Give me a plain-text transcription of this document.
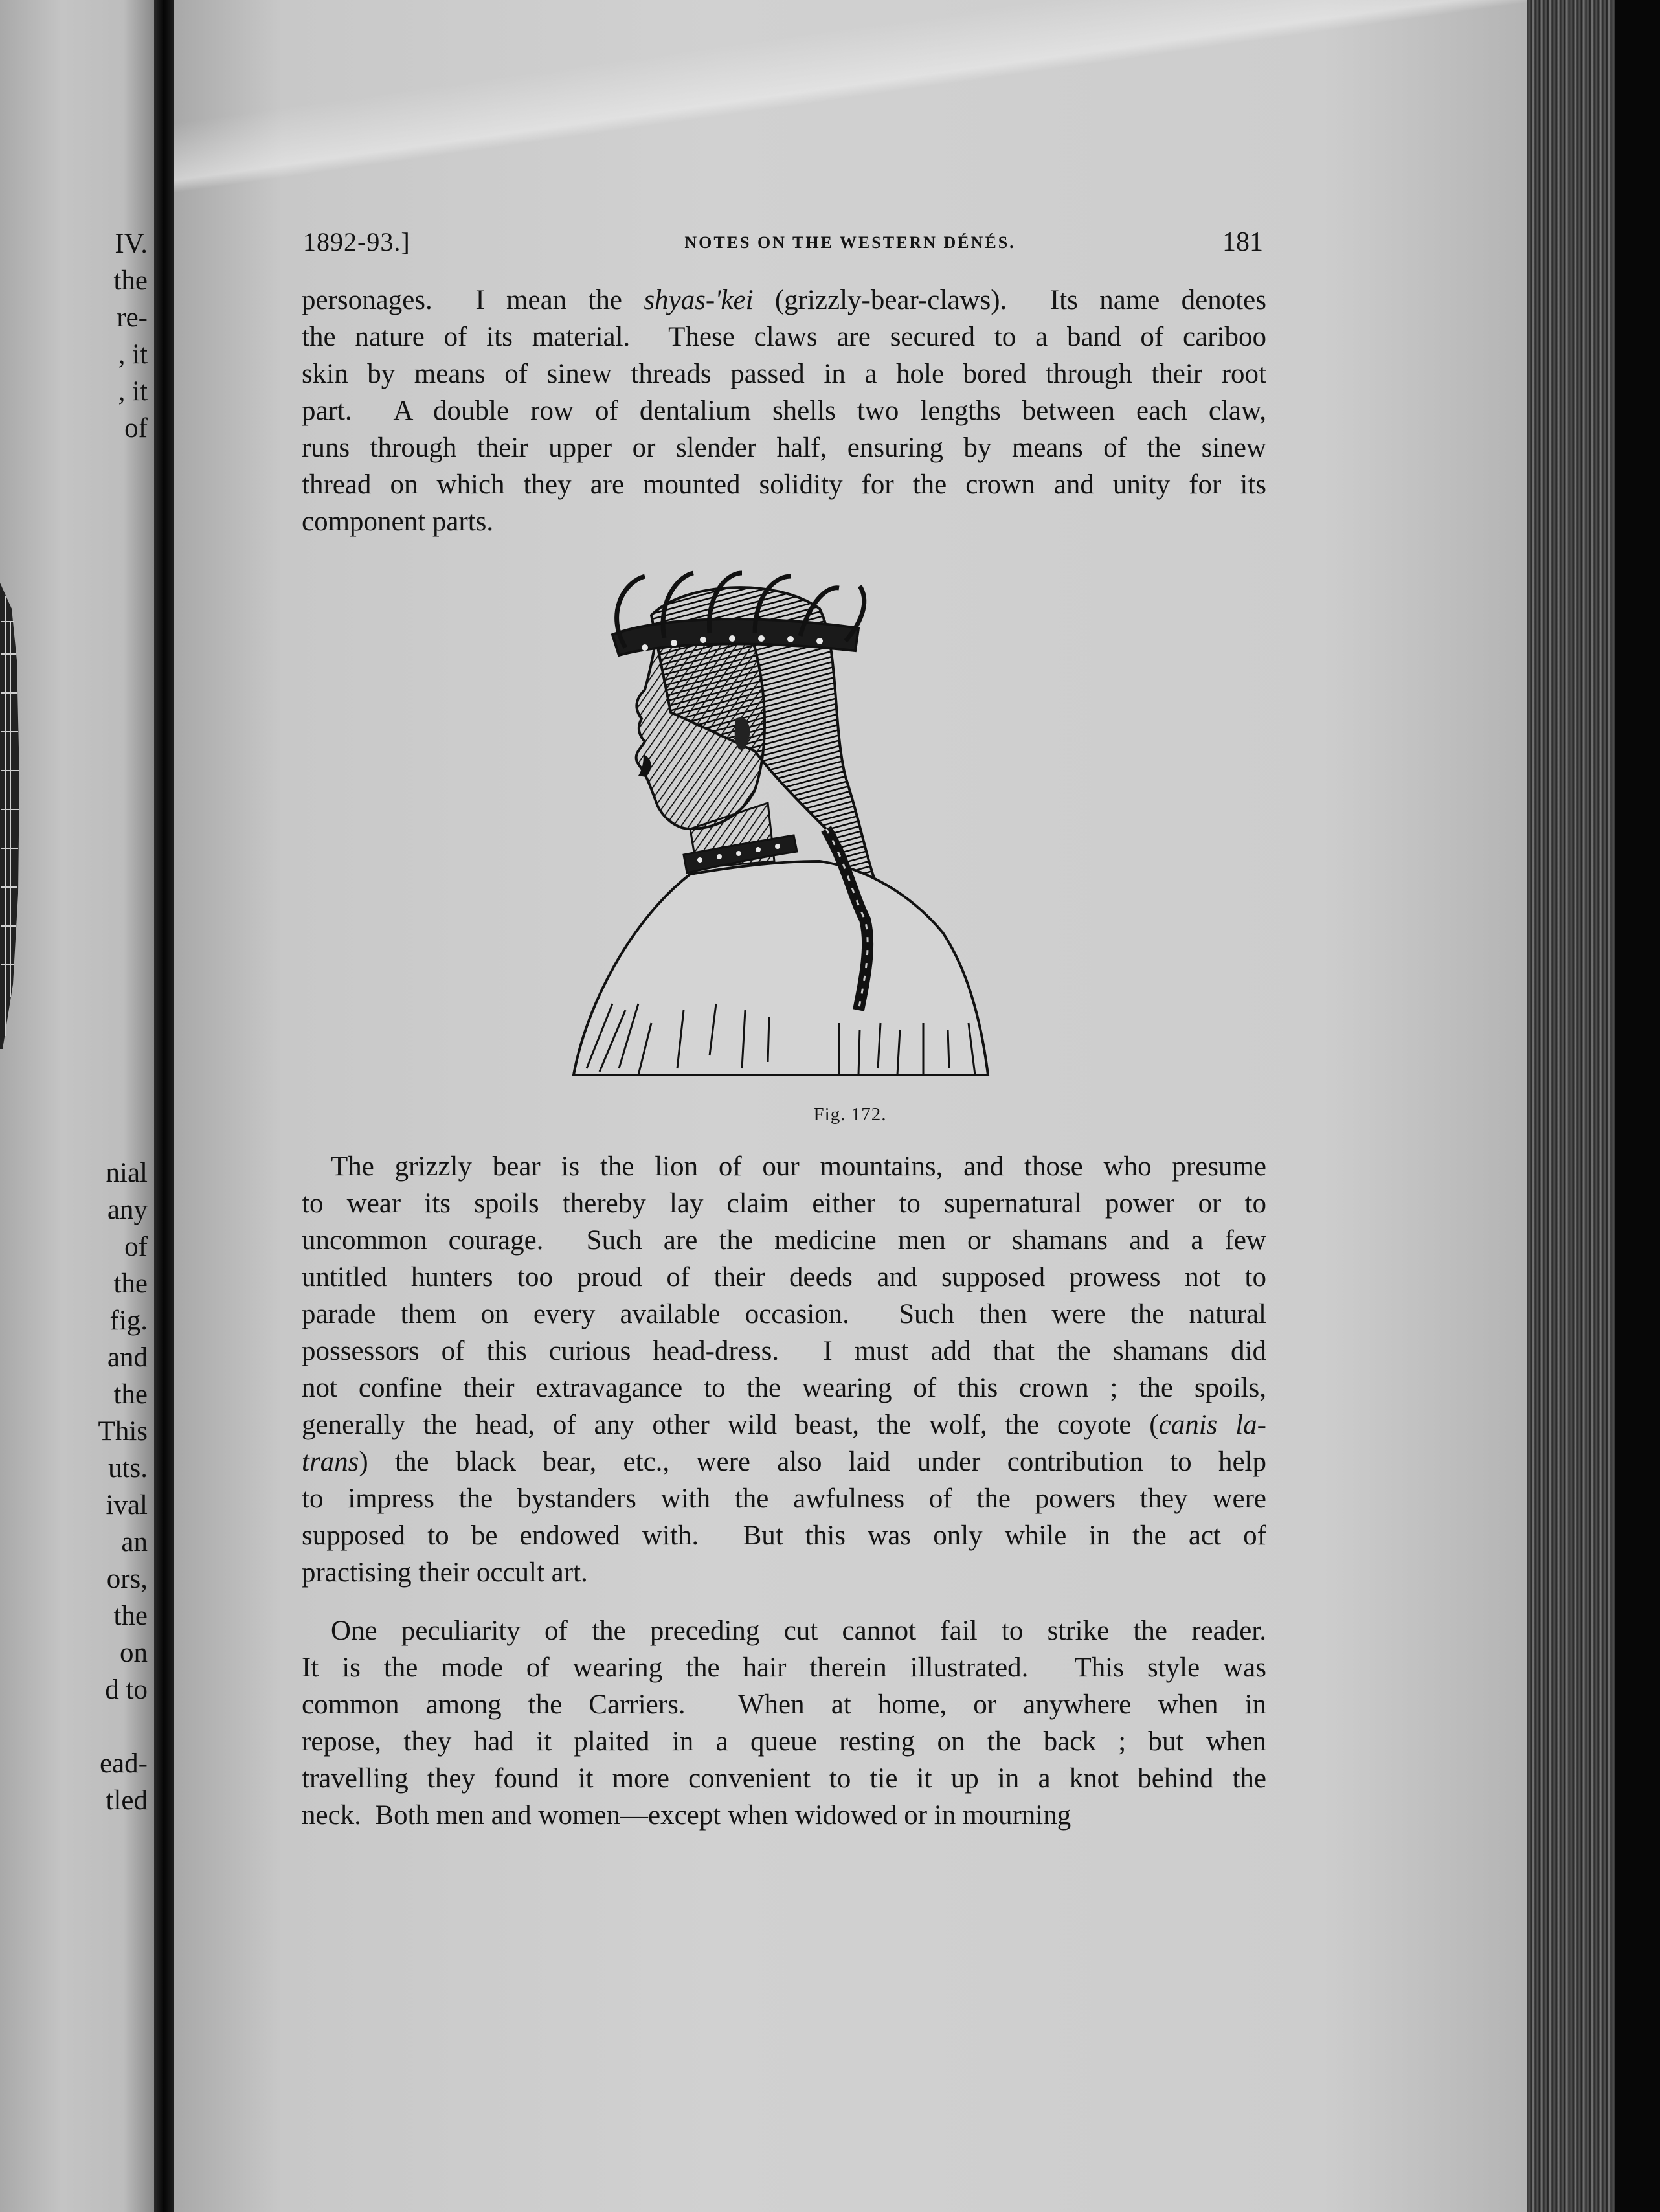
IV.
the
re-
, it
, it
of
nial
any
of
the
fig.
and
the
This
uts.
ival
an
ors,
the
on
d to
ead-
tled
1892-93.]	NOTES ON THE WESTERN DÉNÉS.	181
personages.  I mean the shyas-'kei (grizzly-bear-claws).  Its name denotes
the nature of its material.  These claws are secured to a band of cariboo
skin by means of sinew threads passed in a hole bored through their root
part.  A double row of dentalium shells two lengths between each claw,
runs through their upper or slender half, ensuring by means of the sinew
thread on which they are mounted solidity for the crown and unity for its
component parts.
Fig. 172.
The grizzly bear is the lion of our mountains, and those who presume
to wear its spoils thereby lay claim either to supernatural power or to
uncommon courage.  Such are the medicine men or shamans and a few
untitled hunters too proud of their deeds and supposed prowess not to
parade them on every available occasion.  Such then were the natural
possessors of this curious head-dress.  I must add that the shamans did
not confine their extravagance to the wearing of this crown ; the spoils,
generally the head, of any other wild beast, the wolf, the coyote (canis la-
trans) the black bear, etc., were also laid under contribution to help
to impress the bystanders with the awfulness of the powers they were
supposed to be endowed with.  But this was only while in the act of
practising their occult art.
One peculiarity of the preceding cut cannot fail to strike the reader.
It is the mode of wearing the hair therein illustrated.  This style was
common among the Carriers.  When at home, or anywhere when in
repose, they had it plaited in a queue resting on the back ; but when
travelling they found it more convenient to tie it up in a knot behind the
neck.  Both men and women—except when widowed or in mourning
